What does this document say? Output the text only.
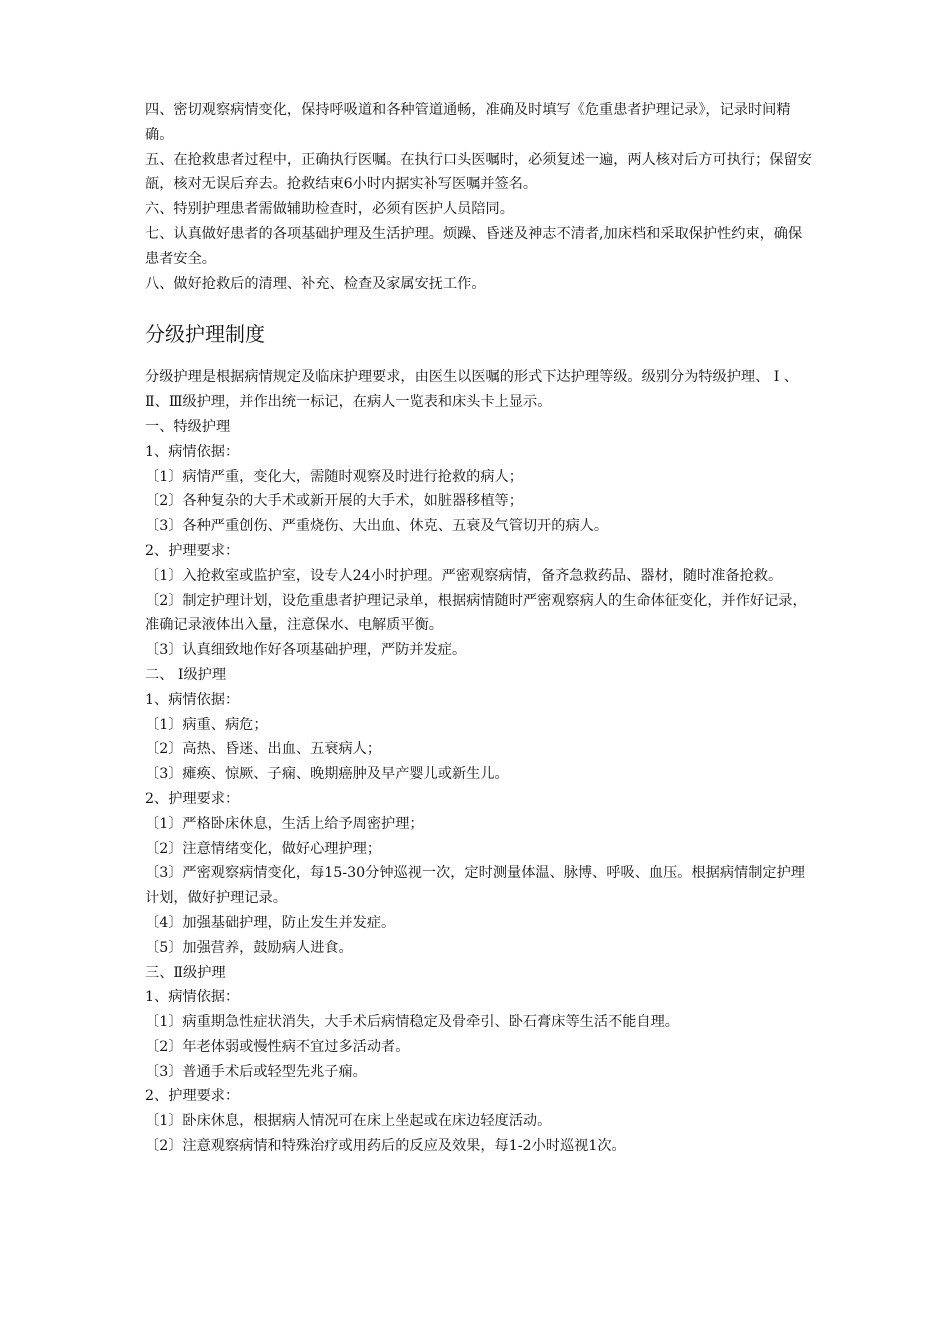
四、密切观察病情变化，保持呼吸道和各种管道通畅，准确及时填写《危重患者护理记录》，记录时间精确。

五、在抢救患者过程中，正确执行医嘱。在执行口头医嘱时，必须复述一遍，两人核对后方可执行；保留安瓿，核对无误后弃去。抢救结束6小时内据实补写医嘱并签名。

六、特别护理患者需做辅助检查时，必须有医护人员陪同。

七、认真做好患者的各项基础护理及生活护理。烦躁、昏迷及神志不清者,加床档和采取保护性约束，确保患者安全。

八、做好抢救后的清理、补充、检查及家属安抚工作。

分级护理制度

分级护理是根据病情规定及临床护理要求，由医生以医嘱的形式下达护理等级。级别分为特级护理、 Ⅰ 、Ⅱ、Ⅲ级护理，并作出统一标记，在病人一览表和床头卡上显示。

一、特级护理

1、病情依据：

〔1〕病情严重，变化大，需随时观察及时进行抢救的病人；

〔2〕各种复杂的大手术或新开展的大手术，如脏器移植等；

〔3〕各种严重创伤、严重烧伤、大出血、休克、五衰及气管切开的病人。

2、护理要求：

〔1〕入抢救室或监护室，设专人24小时护理。严密观察病情，备齐急救药品、器材，随时准备抢救。

〔2〕制定护理计划，设危重患者护理记录单，根据病情随时严密观察病人的生命体征变化，并作好记录，准确记录液体出入量，注意保水、电解质平衡。

〔3〕认真细致地作好各项基础护理，严防并发症。

二、 Ⅰ级护理

1、病情依据：

〔1〕病重、病危；

〔2〕高热、昏迷、出血、五衰病人；

〔3〕瘫痪、惊厥、子痫、晚期癌肿及早产婴儿或新生儿。

2、护理要求：

〔1〕严格卧床休息，生活上给予周密护理；

〔2〕注意情绪变化，做好心理护理；

〔3〕严密观察病情变化，每15-30分钟巡视一次，定时测量体温、脉博、呼吸、血压。根据病情制定护理计划，做好护理记录。

〔4〕加强基础护理，防止发生并发症。

〔5〕加强营养，鼓励病人进食。

三、Ⅱ级护理

1、病情依据：

〔1〕病重期急性症状消失，大手术后病情稳定及骨牵引、卧石膏床等生活不能自理。

〔2〕年老体弱或慢性病不宜过多活动者。

〔3〕普通手术后或轻型先兆子痫。

2、护理要求：

〔1〕卧床休息，根据病人情况可在床上坐起或在床边轻度活动。

〔2〕注意观察病情和特殊治疗或用药后的反应及效果，每1-2小时巡视1次。
